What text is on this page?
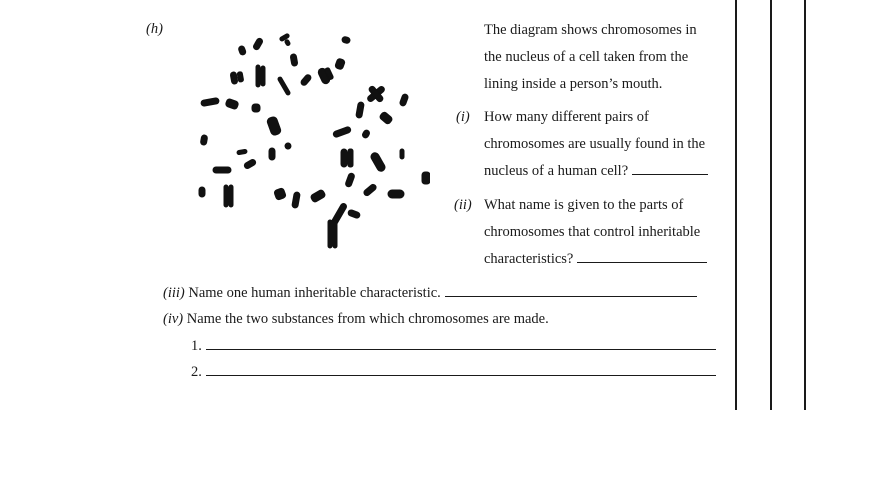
(h)	The diagram shows chromosomes in
the nucleus of a cell taken from the
lining inside a person’s mouth.
(i) How many different pairs of
chromosomes are usually found in the
nucleus of a human cell?
(ii) What name is given to the parts of
chromosomes that control inheritable
characteristics?
(iii) Name one human inheritable characteristic.
(iv) Name the two substances from which chromosomes are made.
1.
2.
